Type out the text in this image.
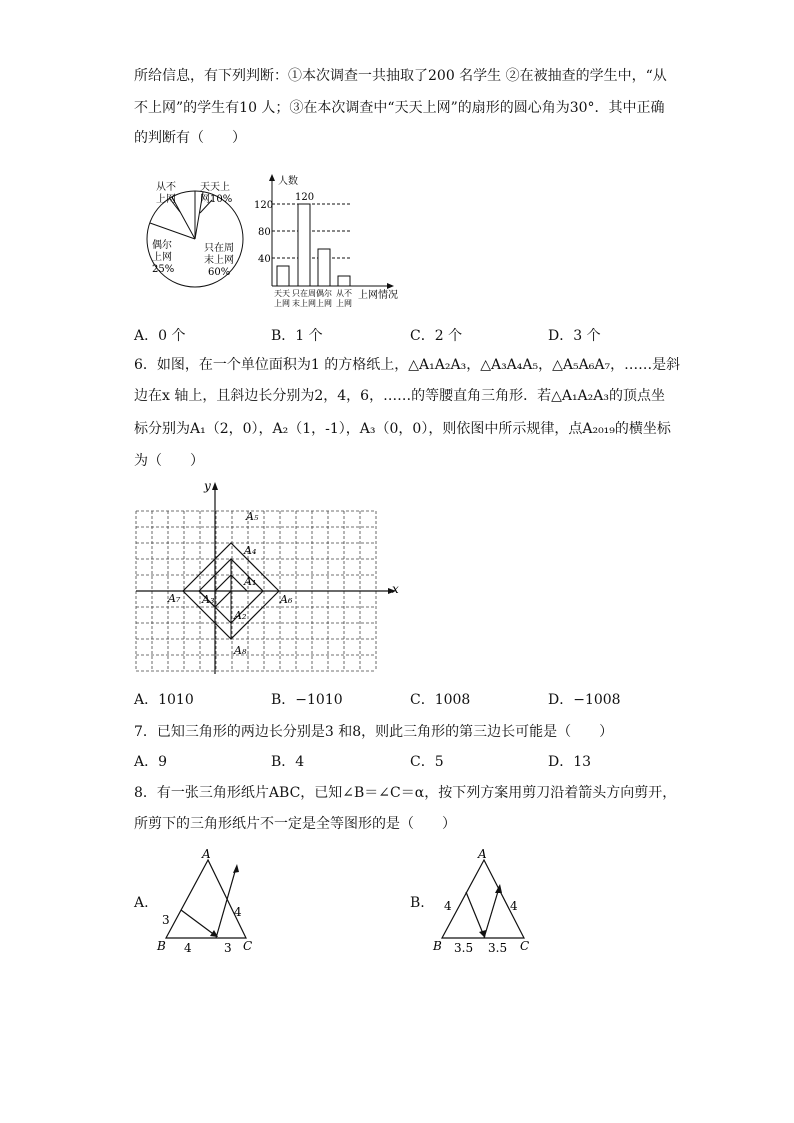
所给信息，有下列判断：①本次调查一共抽取了200 名学生 ②在被抽查的学生中，“从
不上网”的学生有10 人；③在本次调查中“天天上网”的扇形的圆心角为30°．其中正确
的判断有（　　）
从不
上网
天天上
网10%
偶尔
上网
25%
只在周
末上网
60%
人数
120
80
40
120
天天 只在周 偶尔 从不
上网 末上网 上网 上网
上网情况
A．0 个	B．1 个	C．2 个	D．3 个
6．如图，在一个单位面积为1 的方格纸上，△A₁A₂A₃，△A₃A₄A₅，△A₅A₆A₇，……是斜
边在x 轴上，且斜边长分别为2，4，6，……的等腰直角三角形．若△A₁A₂A₃的顶点坐
标分别为A₁（2，0），A₂（1，-1），A₃（0，0），则依图中所示规律，点A₂₀₁₉的横坐标
为（　　）
x
y
A₅
A₄
A₁
A₇ A₃	A₆
A₂
A₈
A．1010	B．−1010	C．1008	D．−1008
7．已知三角形的两边长分别是3 和8，则此三角形的第三边长可能是（　　）
A．9	B．4	C．5	D．13
8．有一张三角形纸片ABC，已知∠B＝∠C＝α，按下列方案用剪刀沿着箭头方向剪开，
所剪下的三角形纸片不一定是全等图形的是（　　）
A.
A
B	C
3
4
4
3
B.
A
B	C
4	4
3.5 3.5
